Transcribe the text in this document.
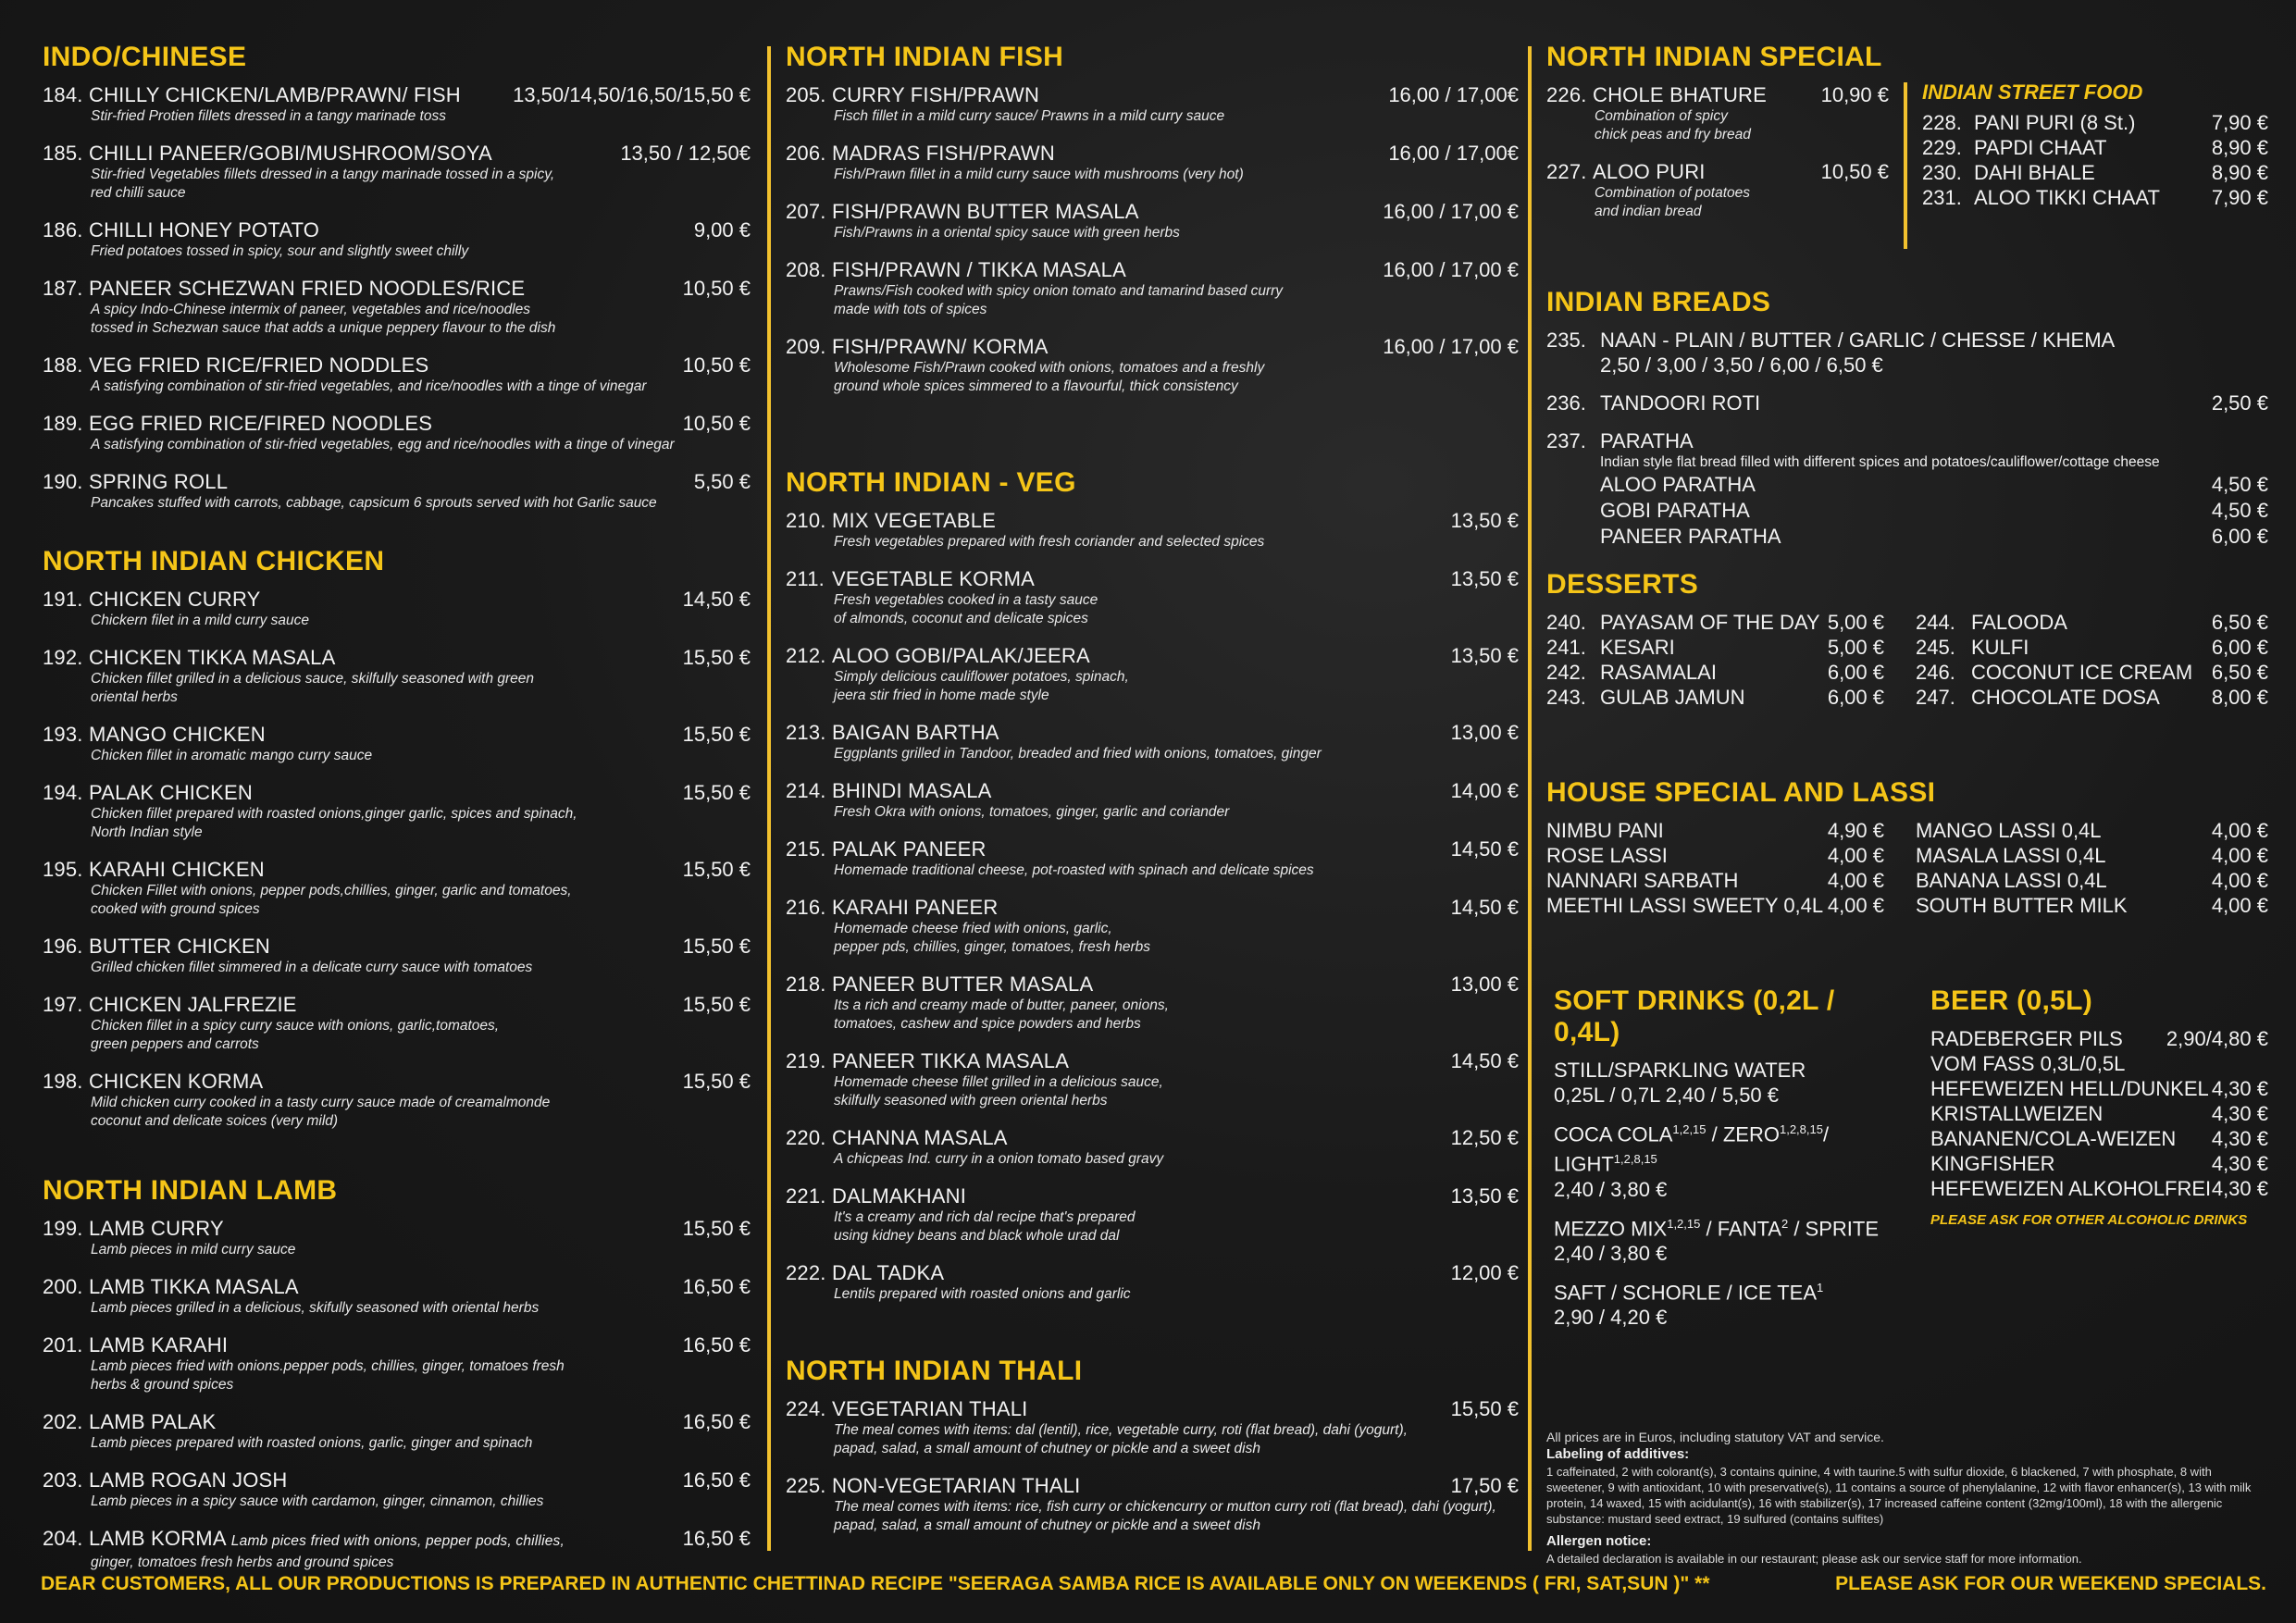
INDO/CHINESE
184. CHILLY CHICKEN/LAMB/PRAWN/ FISH	13,50/14,50/16,50/15,50 €
Stir-fried Protien fillets dressed in a tangy marinade toss
185. CHILLI PANEER/GOBI/MUSHROOM/SOYA	13,50 / 12,50€
Stir-fried Vegetables fillets dressed in a tangy marinade tossed in a spicy,
red chilli sauce
186. CHILLI HONEY POTATO	9,00 €
Fried potatoes tossed in spicy, sour and slightly sweet chilly
187. PANEER SCHEZWAN FRIED NOODLES/RICE	10,50 €
A spicy Indo-Chinese intermix of paneer, vegetables and rice/noodles
tossed in Schezwan sauce that adds a unique peppery flavour to the dish
188. VEG FRIED RICE/FRIED NODDLES	10,50 €
A satisfying combination of stir-fried vegetables, and rice/noodles with a tinge of vinegar
189. EGG FRIED RICE/FIRED NOODLES	10,50 €
A satisfying combination of stir-fried vegetables, egg and rice/noodles with a tinge of vinegar
190. SPRING ROLL	5,50 €
Pancakes stuffed with carrots, cabbage, capsicum 6 sprouts served with hot Garlic sauce
NORTH INDIAN CHICKEN
191. CHICKEN CURRY	14,50 €
Chickern filet in a mild curry sauce
192. CHICKEN TIKKA MASALA	15,50 €
Chicken fillet grilled in a delicious sauce, skilfully seasoned with green
oriental herbs
193. MANGO CHICKEN	15,50 €
Chicken fillet in aromatic mango curry sauce
194. PALAK CHICKEN	15,50 €
Chicken fillet prepared with roasted onions,ginger garlic, spices and spinach,
North Indian style
195. KARAHI CHICKEN	15,50 €
Chicken Fillet with onions, pepper pods,chillies, ginger, garlic and tomatoes,
cooked with ground spices
196. BUTTER CHICKEN	15,50 €
Grilled chicken fillet simmered in a delicate curry sauce with tomatoes
197. CHICKEN JALFREZIE	15,50 €
Chicken fillet in a spicy curry sauce with onions, garlic,tomatoes,
green peppers and carrots
198. CHICKEN KORMA	15,50 €
Mild chicken curry cooked in a tasty curry sauce made of creamalmonde
coconut and delicate soices (very mild)
NORTH INDIAN LAMB
199. LAMB CURRY	15,50 €
Lamb pieces in mild curry sauce
200. LAMB TIKKA MASALA	16,50 €
Lamb pieces grilled in a delicious, skifully seasoned with oriental herbs
201. LAMB KARAHI	16,50 €
Lamb pieces fried with onions.pepper pods, chillies, ginger, tomatoes fresh
herbs & ground spices
202. LAMB PALAK	16,50 €
Lamb pieces prepared with roasted onions, garlic, ginger and spinach
203. LAMB ROGAN JOSH	16,50 €
Lamb pieces in a spicy sauce with cardamon, ginger, cinnamon, chillies
204. LAMB KORMA Lamb pices fried with onions, pepper pods, chillies,	16,50 €
ginger, tomatoes fresh herbs and ground spices
NORTH INDIAN FISH
205. CURRY FISH/PRAWN	16,00 / 17,00€
Fisch fillet in a mild curry sauce/ Prawns in a mild curry sauce
206. MADRAS FISH/PRAWN	16,00 / 17,00€
Fish/Prawn fillet in a mild curry sauce with mushrooms (very hot)
207. FISH/PRAWN BUTTER MASALA	16,00 / 17,00 €
Fish/Prawns in a oriental spicy sauce with green herbs
208. FISH/PRAWN / TIKKA MASALA	16,00 / 17,00 €
Prawns/Fish cooked with spicy onion tomato and tamarind based curry
made with tots of spices
209. FISH/PRAWN/ KORMA	16,00 / 17,00 €
Wholesome Fish/Prawn cooked with onions, tomatoes and a freshly
ground whole spices simmered to a flavourful, thick consistency
NORTH INDIAN - VEG
210. MIX VEGETABLE	13,50 €
Fresh vegetables prepared with fresh coriander and selected spices
211. VEGETABLE KORMA	13,50 €
Fresh vegetables cooked in a tasty sauce
of almonds, coconut and delicate spices
212. ALOO GOBI/PALAK/JEERA	13,50 €
Simply delicious cauliflower potatoes, spinach,
jeera stir fried in home made style
213. BAIGAN BARTHA	13,00 €
Eggplants grilled in Tandoor, breaded and fried with onions, tomatoes, ginger
214. BHINDI MASALA	14,00 €
Fresh Okra with onions, tomatoes, ginger, garlic and coriander
215. PALAK PANEER	14,50 €
Homemade traditional cheese, pot-roasted with spinach and delicate spices
216. KARAHI PANEER	14,50 €
Homemade cheese fried with onions, garlic,
pepper pds, chillies, ginger, tomatoes, fresh herbs
218. PANEER BUTTER MASALA	13,00 €
Its a rich and creamy made of butter, paneer, onions,
tomatoes, cashew and spice powders and herbs
219. PANEER TIKKA MASALA	14,50 €
Homemade cheese fillet grilled in a delicious sauce,
skilfully seasoned with green oriental herbs
220. CHANNA MASALA	12,50 €
A chicpeas Ind. curry in a onion tomato based gravy
221. DALMAKHANI	13,50 €
It's a creamy and rich dal recipe that's prepared
using kidney beans and black whole urad dal
222. DAL TADKA	12,00 €
Lentils prepared with roasted onions and garlic
NORTH INDIAN THALI
224. VEGETARIAN THALI	15,50 €
The meal comes with items: dal (lentil), rice, vegetable curry, roti (flat bread), dahi (yogurt),
papad, salad, a small amount of chutney or pickle and a sweet dish
225. NON-VEGETARIAN THALI	17,50 €
The meal comes with items: rice, fish curry or chickencurry or mutton curry roti (flat bread), dahi (yogurt),
papad, salad, a small amount of chutney or pickle and a sweet dish
NORTH INDIAN SPECIAL
226. CHOLE BHATURE	10,90 €
Combination of spicy
chick peas and fry bread
227. ALOO PURI	10,50 €
Combination of potatoes
and indian bread
INDIAN STREET FOOD
228. PANI PURI (8 St.)	7,90 €
229. PAPDI CHAAT	8,90 €
230. DAHI BHALE	8,90 €
231. ALOO TIKKI CHAAT	7,90 €
INDIAN BREADS
235. NAAN - PLAIN / BUTTER / GARLIC / CHESSE / KHEMA
2,50 / 3,00 / 3,50 / 6,00 / 6,50 €
236. TANDOORI ROTI	2,50 €
237. PARATHA
Indian style flat bread filled with different spices and potatoes/cauliflower/cottage cheese
ALOO PARATHA	4,50 €
GOBI PARATHA	4,50 €
PANEER PARATHA	6,00 €
DESSERTS
240. PAYASAM OF THE DAY 5,00 €
241. KESARI	5,00 €
242. RASAMALAI	6,00 €
243. GULAB JAMUN	6,00 €
244. FALOODA	6,50 €
245. KULFI	6,00 €
246. COCONUT ICE CREAM 6,50 €
247. CHOCOLATE DOSA	8,00 €
HOUSE SPECIAL AND LASSI
NIMBU PANI	4,90 €
ROSE LASSI	4,00 €
NANNARI SARBATH	4,00 €
MEETHI LASSI SWEETY 0,4L 4,00 €
MANGO LASSI 0,4L	4,00 €
MASALA LASSI 0,4L	4,00 €
BANANA LASSI 0,4L	4,00 €
SOUTH BUTTER MILK	4,00 €
SOFT DRINKS (0,2L / 0,4L)
STILL/SPARKLING WATER
0,25L / 0,7L 2,40 / 5,50 €
COCA COLA$^{1,2,15}$ / ZERO$^{1,2,8,15}$/
LIGHT$^{1,2,8,15}$
2,40 / 3,80 €
MEZZO MIX$^{1,2,15}$ / FANTA$^2$ / SPRITE
2,40 / 3,80 €
SAFT / SCHORLE / ICE TEA$^1$
2,90 / 4,20 €
BEER (0,5L)
RADEBERGER PILS 2,90/4,80 €
VOM FASS 0,3L/0,5L
HEFEWEIZEN HELL/DUNKEL 4,30 €
KRISTALLWEIZEN	4,30 €
BANANEN/COLA-WEIZEN 4,30 €
KINGFISHER	4,30 €
HEFEWEIZEN ALKOHOLFREI 4,30 €
PLEASE ASK FOR OTHER ALCOHOLIC DRINKS
All prices are in Euros, including statutory VAT and service.
Labeling of additives:
1 caffeinated, 2 with colorant(s), 3 contains quinine, 4 with taurine.5 with sulfur dioxide, 6 blackened, 7 with phosphate, 8 with sweetener, 9 with antioxidant, 10 with preservative(s), 11 contains a source of phenylalanine, 12 with flavor enhancer(s), 13 with milk protein, 14 waxed, 15 with acidulant(s), 16 with stabilizer(s), 17 increased caffeine content (32mg/100ml), 18 with the allergenic substance: mustard seed extract, 19 sulfured (contains sulfites)
Allergen notice:
A detailed declaration is available in our restaurant; please ask our service staff for more information.
DEAR CUSTOMERS, ALL OUR PRODUCTIONS IS PREPARED IN AUTHENTIC CHETTINAD RECIPE "SEERAGA SAMBA RICE IS AVAILABLE ONLY ON WEEKENDS ( FRI, SAT,SUN )" **	PLEASE ASK FOR OUR WEEKEND SPECIALS.
